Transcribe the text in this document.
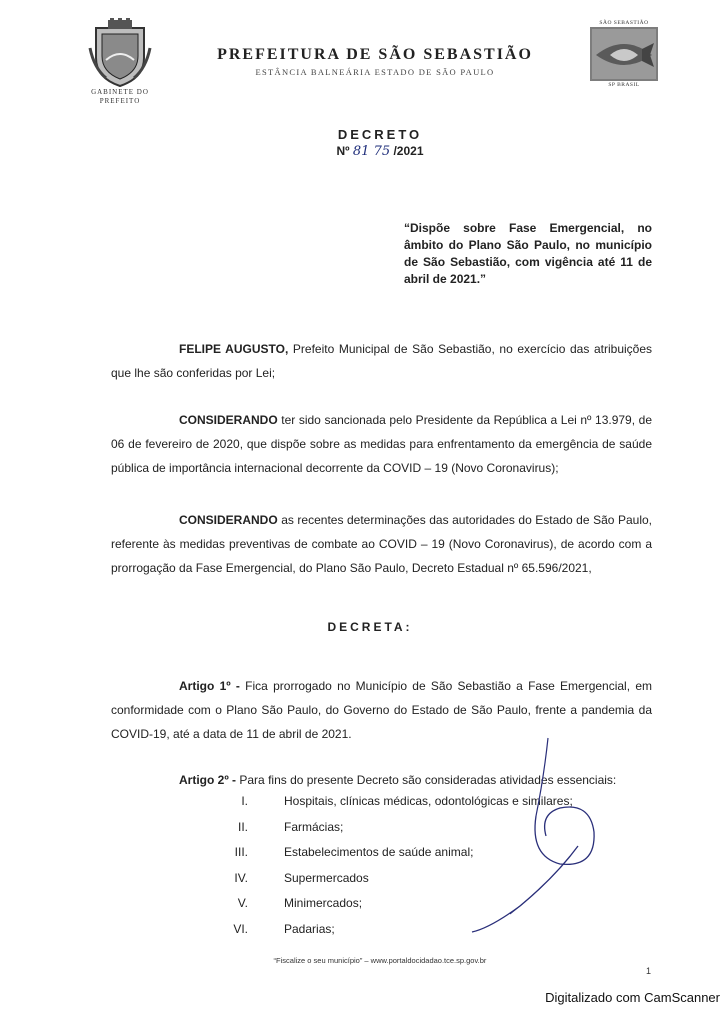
GABINETE DO
PREFEITO
PREFEITURA DE SÃO SEBASTIÃO
ESTÂNCIA BALNEÁRIA ESTADO DE SÃO PAULO
SÃO SEBASTIÃO
SP BRASIL
DECRETO
Nº 81 75 /2021
“Dispõe sobre Fase Emergencial, no âmbito do Plano São Paulo, no município de São Sebastião, com vigência até 11 de abril de 2021.”
FELIPE AUGUSTO, Prefeito Municipal de São Sebastião, no exercício das atribuições que lhe são conferidas por Lei;
CONSIDERANDO ter sido sancionada pelo Presidente da República a Lei nº 13.979, de 06 de fevereiro de 2020, que dispõe sobre as medidas para enfrentamento da emergência de saúde pública de importância internacional decorrente da COVID – 19 (Novo Coronavirus);
CONSIDERANDO as recentes determinações das autoridades do Estado de São Paulo, referente às medidas preventivas de combate ao COVID – 19 (Novo Coronavirus), de acordo com a prorrogação da Fase Emergencial, do Plano São Paulo, Decreto Estadual nº 65.596/2021,
DECRETA:
Artigo 1º - Fica prorrogado no Município de São Sebastião a Fase Emergencial, em conformidade com o Plano São Paulo, do Governo do Estado de São Paulo, frente a pandemia da COVID-19, até a data de 11 de abril de 2021.
Artigo 2º - Para fins do presente Decreto são consideradas atividades essenciais:
I.	Hospitais, clínicas médicas, odontológicas e similares;
II.	Farmácias;
III.	Estabelecimentos de saúde animal;
IV.	Supermercados
V.	Minimercados;
VI.	Padarias;
“Fiscalize o seu município” – www.portaldocidadao.tce.sp.gov.br
1
Digitalizado com CamScanner
